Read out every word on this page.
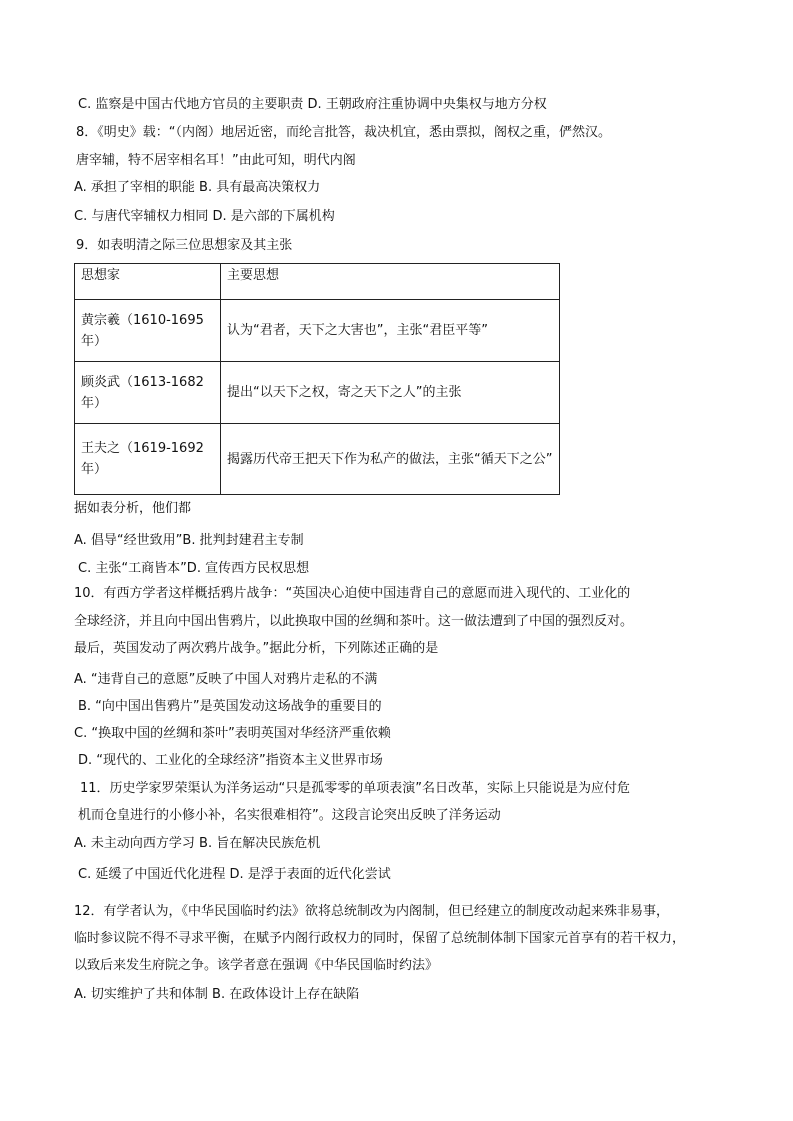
C. 监察是中国古代地方官员的主要职责 D. 王朝政府注重协调中央集权与地方分权
8．《明史》载：“（内阁）地居近密，而纶言批答，裁决机宜，悉由票拟，阁权之重，俨然汉。
唐宰辅，特不居宰相名耳！”由此可知，明代内阁
A. 承担了宰相的职能 B. 具有最高决策权力
C. 与唐代宰辅权力相同 D. 是六部的下属机构
9．如表明清之际三位思想家及其主张
思想家	主要思想
黄宗羲（1610-1695年）	认为“君者，天下之大害也”，主张“君臣平等”
顾炎武（1613-1682年）	提出“以天下之权，寄之天下之人”的主张
王夫之（1619-1692年）	揭露历代帝王把天下作为私产的做法，主张“循天下之公”
据如表分析，他们都
A. 倡导“经世致用”B. 批判封建君主专制
C. 主张“工商皆本”D. 宣传西方民权思想
10．有西方学者这样概括鸦片战争：“英国决心迫使中国违背自己的意愿而进入现代的、工业化的
全球经济，并且向中国出售鸦片，以此换取中国的丝绸和茶叶。这一做法遭到了中国的强烈反对。
最后，英国发动了两次鸦片战争。”据此分析，下列陈述正确的是
A. “违背自己的意愿”反映了中国人对鸦片走私的不满
B. “向中国出售鸦片”是英国发动这场战争的重要目的
C. “换取中国的丝绸和茶叶”表明英国对华经济严重依赖
D. “现代的、工业化的全球经济”指资本主义世界市场
11．历史学家罗荣渠认为洋务运动“只是孤零零的单项表演”名日改革，实际上只能说是为应付危
机而仓皇进行的小修小补，名实很难相符”。这段言论突出反映了洋务运动
A. 未主动向西方学习 B. 旨在解决民族危机
C. 延缓了中国近代化进程 D. 是浮于表面的近代化尝试
12．有学者认为，《中华民国临时约法》欲将总统制改为内阁制，但已经建立的制度改动起来殊非易事，
临时参议院不得不寻求平衡，在赋予内阁行政权力的同时，保留了总统制体制下国家元首享有的若干权力，
以致后来发生府院之争。该学者意在强调《中华民国临时约法》
A. 切实维护了共和体制 B. 在政体设计上存在缺陷
